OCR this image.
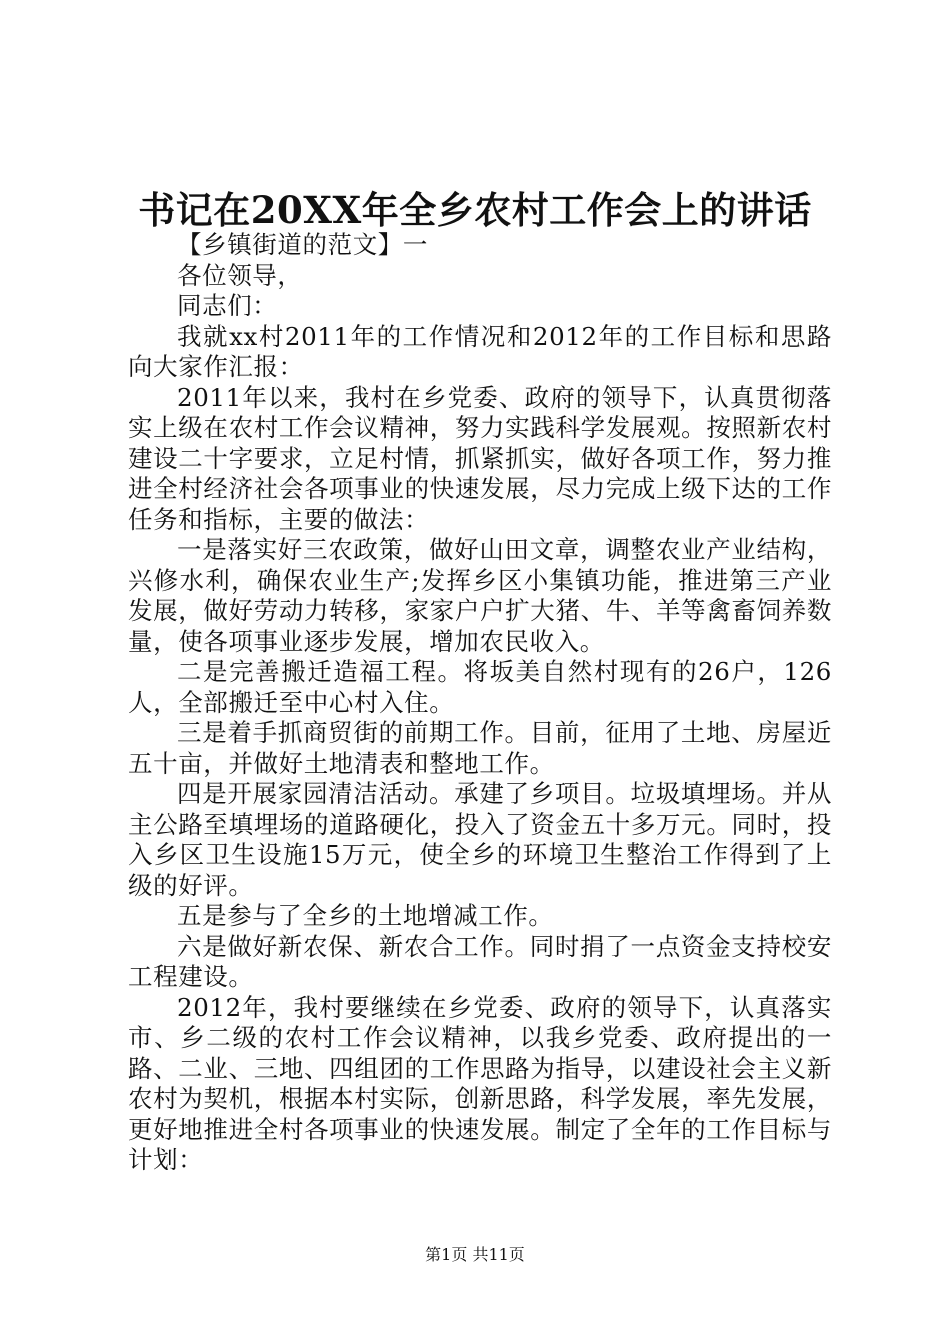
书记在20XX年全乡农村工作会上的讲话

【乡镇街道的范文】一

各位领导，

同志们：

我就xx村2011年的工作情况和2012年的工作目标和思路向大家作汇报：

2011年以来，我村在乡党委、政府的领导下，认真贯彻落实上级在农村工作会议精神，努力实践科学发展观。按照新农村建设二十字要求，立足村情，抓紧抓实，做好各项工作，努力推进全村经济社会各项事业的快速发展，尽力完成上级下达的工作任务和指标，主要的做法：

一是落实好三农政策，做好山田文章，调整农业产业结构，兴修水利，确保农业生产;发挥乡区小集镇功能，推进第三产业发展，做好劳动力转移，家家户户扩大猪、牛、羊等禽畜饲养数量，使各项事业逐步发展，增加农民收入。

二是完善搬迁造福工程。将坂美自然村现有的26户，126人，全部搬迁至中心村入住。

三是着手抓商贸街的前期工作。目前，征用了土地、房屋近五十亩，并做好土地清表和整地工作。

四是开展家园清洁活动。承建了乡项目。垃圾填埋场。并从主公路至填埋场的道路硬化，投入了资金五十多万元。同时，投入乡区卫生设施15万元，使全乡的环境卫生整治工作得到了上级的好评。

五是参与了全乡的土地增减工作。

六是做好新农保、新农合工作。同时捐了一点资金支持校安工程建设。

2012年，我村要继续在乡党委、政府的领导下，认真落实市、乡二级的农村工作会议精神，以我乡党委、政府提出的一路、二业、三地、四组团的工作思路为指导，以建设社会主义新农村为契机，根据本村实际，创新思路，科学发展，率先发展，更好地推进全村各项事业的快速发展。制定了全年的工作目标与计划：

第1页 共11页
